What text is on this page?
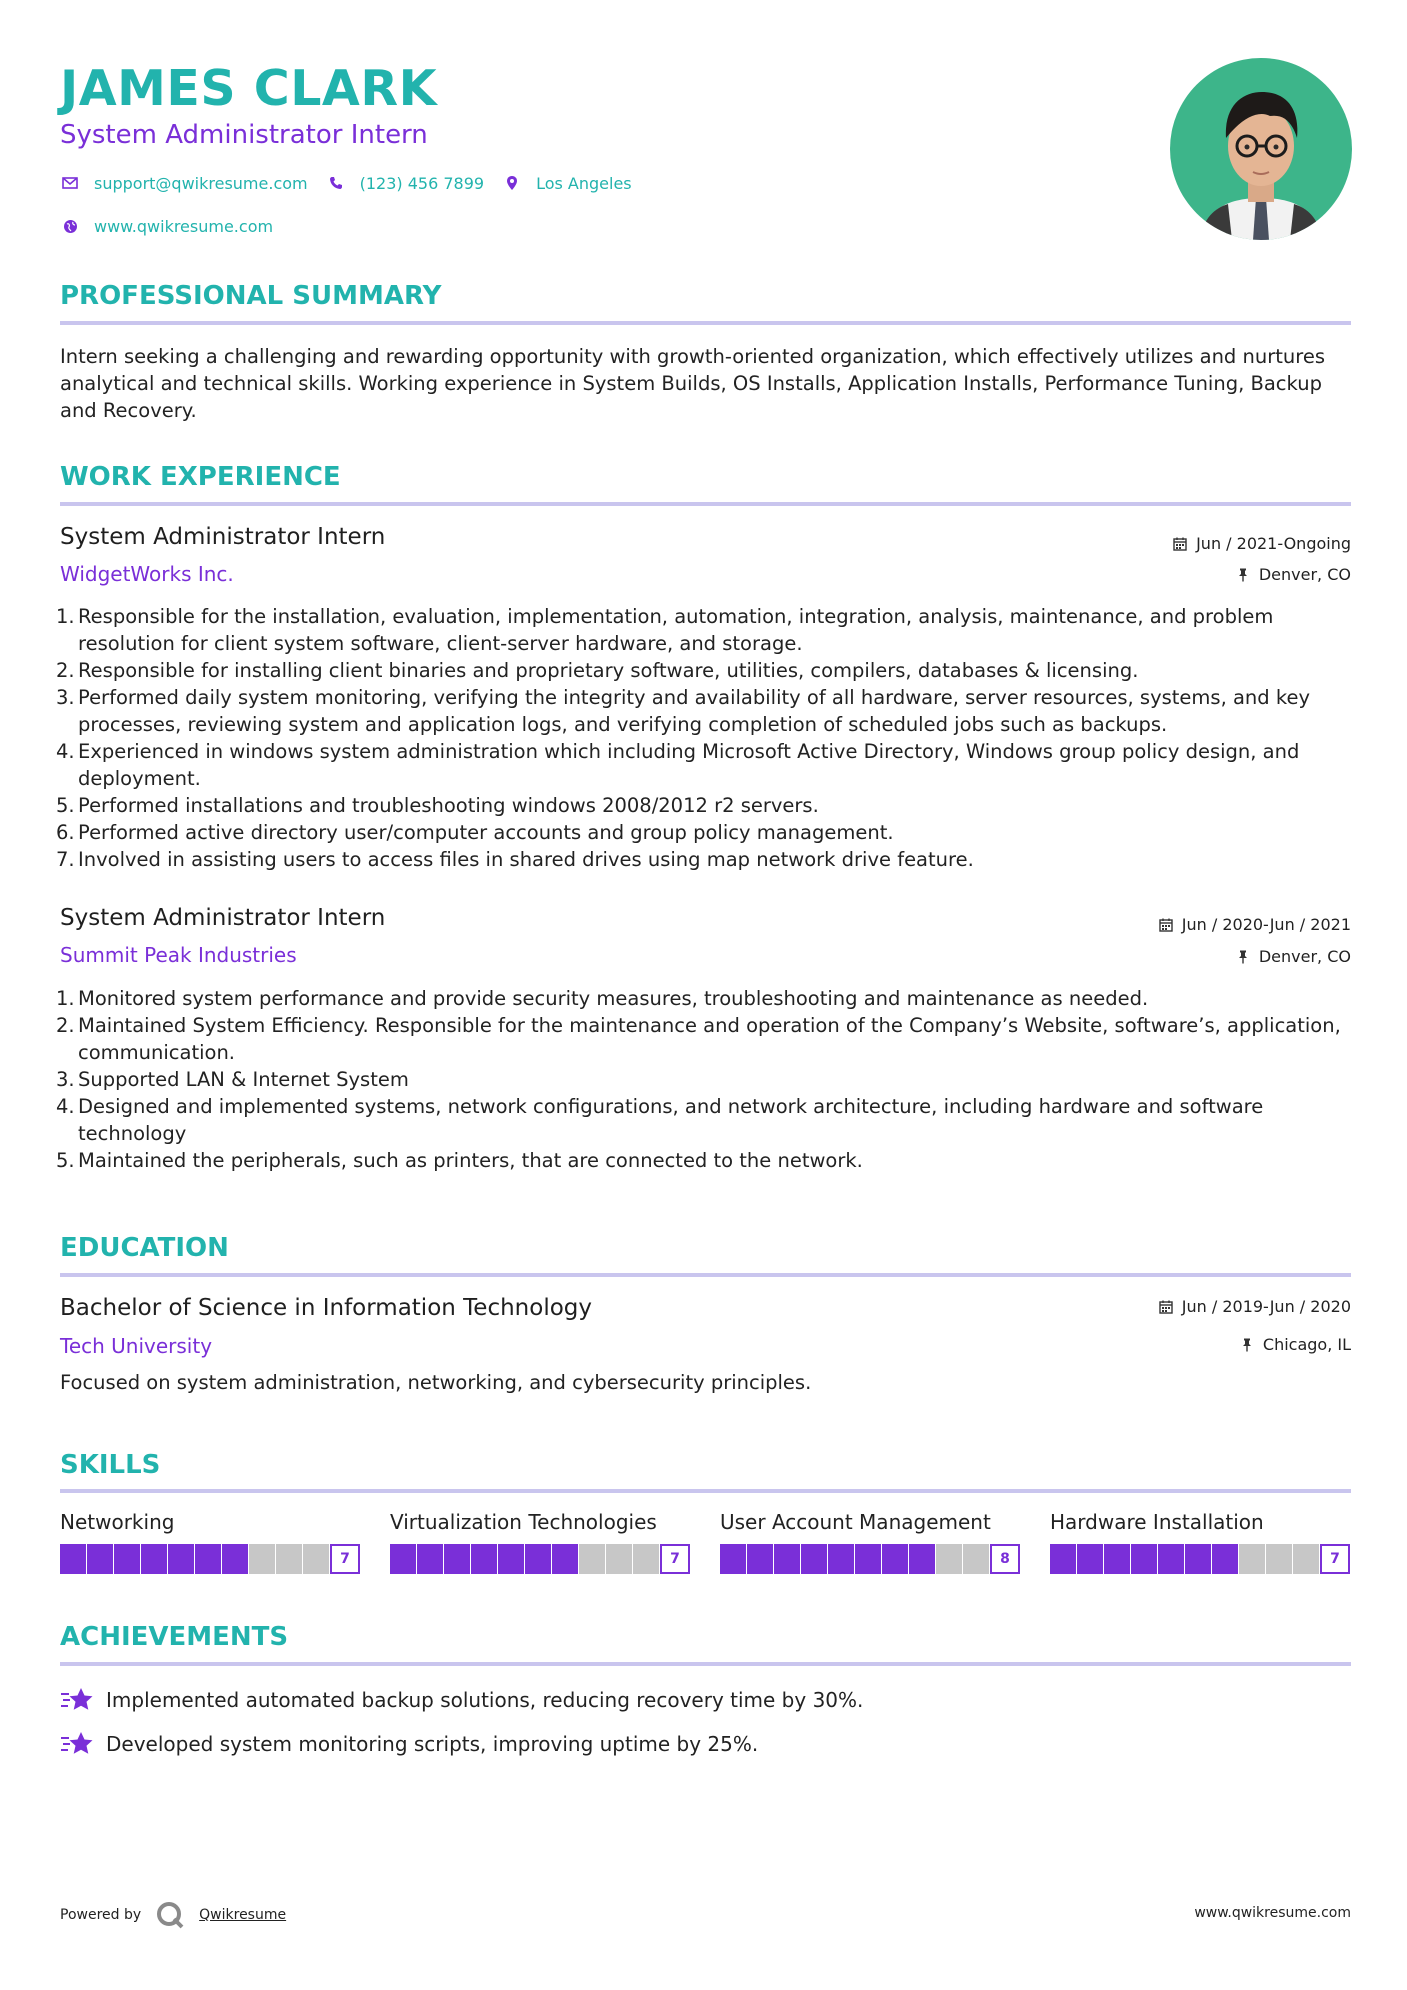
JAMES CLARK
System Administrator Intern
support@qwikresume.com	(123) 456 7899	Los Angeles
www.qwikresume.com
PROFESSIONAL SUMMARY
Intern seeking a challenging and rewarding opportunity with growth-oriented organization, which effectively utilizes and nurtures analytical and technical skills. Working experience in System Builds, OS Installs, Application Installs, Performance Tuning, Backup and Recovery.
WORK EXPERIENCE
System Administrator Intern
WidgetWorks Inc.
Jun / 2021-Ongoing
Denver, CO
1. Responsible for the installation, evaluation, implementation, automation, integration, analysis, maintenance, and problem resolution for client system software, client-server hardware, and storage.
2. Responsible for installing client binaries and proprietary software, utilities, compilers, databases & licensing.
3. Performed daily system monitoring, verifying the integrity and availability of all hardware, server resources, systems, and key processes, reviewing system and application logs, and verifying completion of scheduled jobs such as backups.
4. Experienced in windows system administration which including Microsoft Active Directory, Windows group policy design, and deployment.
5. Performed installations and troubleshooting windows 2008/2012 r2 servers.
6. Performed active directory user/computer accounts and group policy management.
7. Involved in assisting users to access files in shared drives using map network drive feature.
System Administrator Intern
Summit Peak Industries
Jun / 2020-Jun / 2021
Denver, CO
1. Monitored system performance and provide security measures, troubleshooting and maintenance as needed.
2. Maintained System Efficiency. Responsible for the maintenance and operation of the Company’s Website, software’s, application, communication.
3. Supported LAN & Internet System
4. Designed and implemented systems, network configurations, and network architecture, including hardware and software technology
5. Maintained the peripherals, such as printers, that are connected to the network.
EDUCATION
Bachelor of Science in Information Technology
Tech University
Jun / 2019-Jun / 2020
Chicago, IL
Focused on system administration, networking, and cybersecurity principles.
SKILLS
Networking
7
Virtualization Technologies
7
User Account Management
8
Hardware Installation
7
ACHIEVEMENTS
Implemented automated backup solutions, reducing recovery time by 30%.
Developed system monitoring scripts, improving uptime by 25%.
Powered by	Qwikresume	www.qwikresume.com
